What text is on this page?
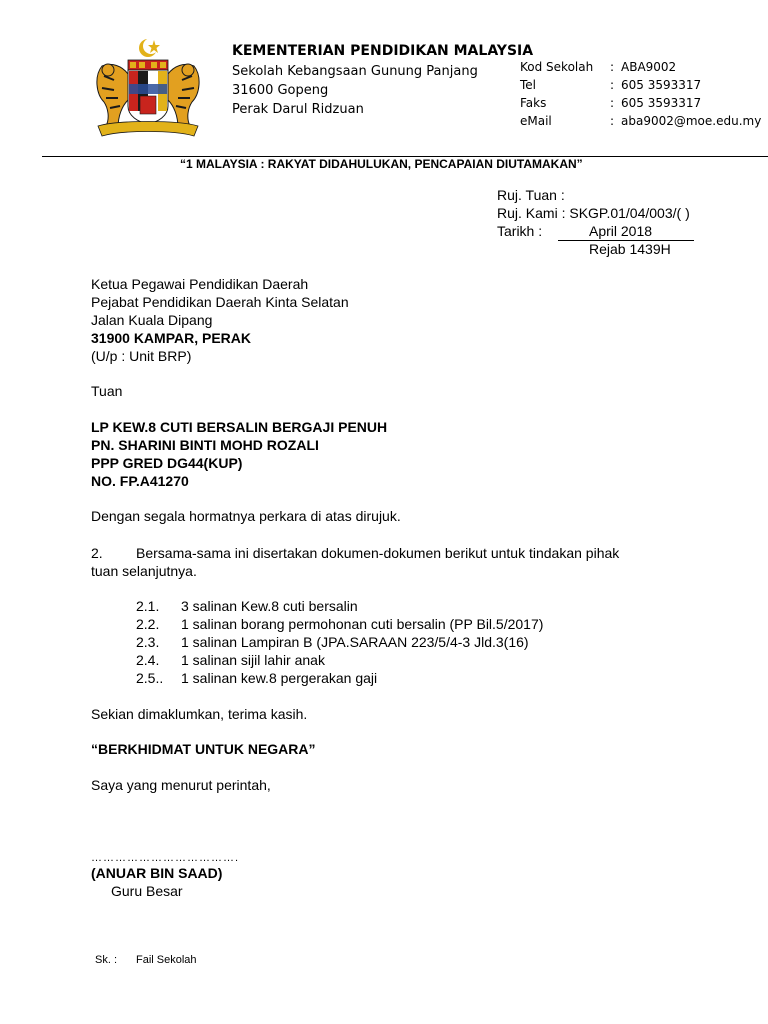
KEMENTERIAN PENDIDIKAN MALAYSIA
Sekolah Kebangsaan Gunung Panjang
31600 Gopeng
Perak Darul Ridzuan
Kod Sekolah : ABA9002
Tel	: 605 3593317
Faks	: 605 3593317
eMail	: aba9002@moe.edu.my
“1 MALAYSIA : RAKYAT DIDAHULUKAN, PENCAPAIAN DIUTAMAKAN”
Ruj. Tuan :
Ruj. Kami : SKGP.01/04/003/( )
Tarikh :	April 2018
Rejab 1439H
Ketua Pegawai Pendidikan Daerah
Pejabat Pendidikan Daerah Kinta Selatan
Jalan Kuala Dipang
31900 KAMPAR, PERAK
(U/p : Unit BRP)
Tuan
LP KEW.8 CUTI BERSALIN BERGAJI PENUH
PN. SHARINI BINTI MOHD ROZALI
PPP GRED DG44(KUP)
NO. FP.A41270
Dengan segala hormatnya perkara di atas dirujuk.
2. Bersama-sama ini disertakan dokumen-dokumen berikut untuk tindakan pihak
tuan selanjutnya.
2.1. 3 salinan Kew.8 cuti bersalin
2.2. 1 salinan borang permohonan cuti bersalin (PP Bil.5/2017)
2.3. 1 salinan Lampiran B (JPA.SARAAN 223/5/4-3 Jld.3(16)
2.4. 1 salinan sijil lahir anak
2.5.. 1 salinan kew.8 pergerakan gaji
Sekian dimaklumkan, terima kasih.
“BERKHIDMAT UNTUK NEGARA”
Saya yang menurut perintah,
……………………………….
(ANUAR BIN SAAD)
Guru Besar
Sk. : Fail Sekolah
